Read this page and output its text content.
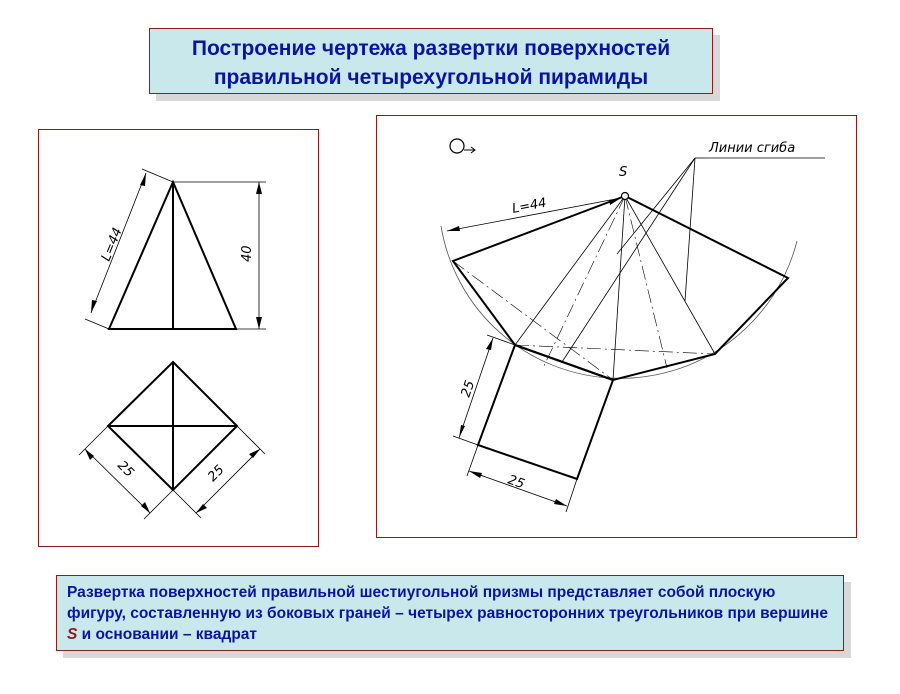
Построение чертежа развертки поверхностей
правильной четырехугольной пирамиды
L=44	40
25	25
Линии сгиба
S
L=44
25
25
Развертка поверхностей правильной шестиугольной призмы представляет собой плоскую фигуру, составленную из боковых граней – четырех равносторонних треугольников при вершине S и основании – квадрат
